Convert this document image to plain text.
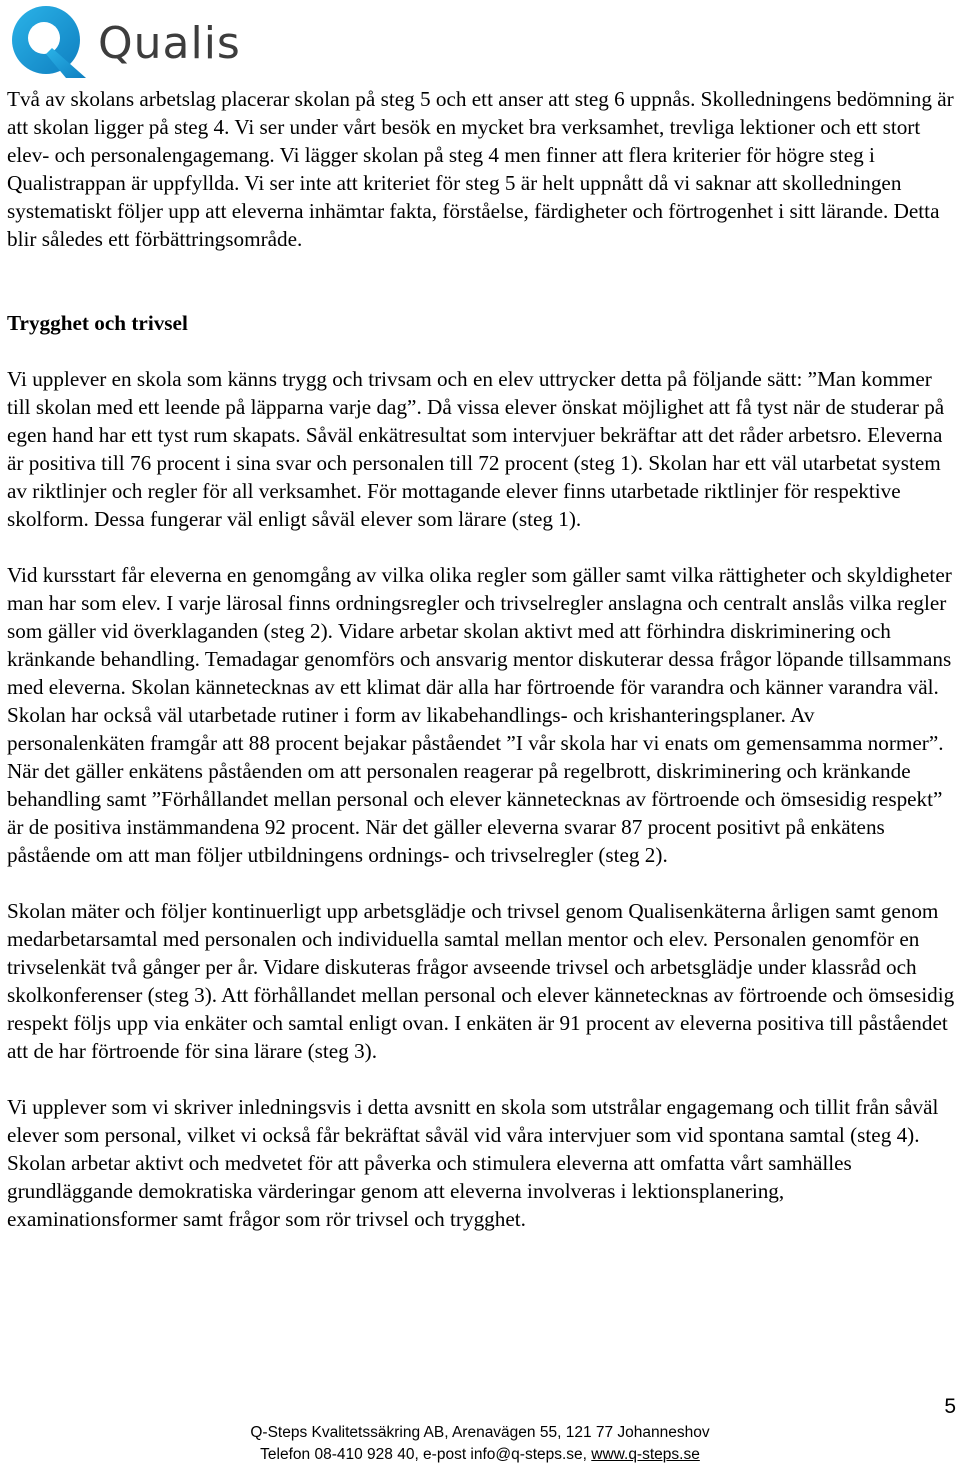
Qualis

Två av skolans arbetslag placerar skolan på steg 5 och ett anser att steg 6 uppnås. Skolledningens bedömning är att skolan ligger på steg 4. Vi ser under vårt besök en mycket bra verksamhet, trevliga lektioner och ett stort elev- och personalengagemang. Vi lägger skolan på steg 4 men finner att flera kriterier för högre steg i Qualistrappan är uppfyllda. Vi ser inte att kriteriet för steg 5 är helt uppnått då vi saknar att skolledningen systematiskt följer upp att eleverna inhämtar fakta, förståelse, färdigheter och förtrogenhet i sitt lärande. Detta blir således ett förbättringsområde.

Trygghet och trivsel

Vi upplever en skola som känns trygg och trivsam och en elev uttrycker detta på följande sätt: ”Man kommer till skolan med ett leende på läpparna varje dag”. Då vissa elever önskat möjlighet att få tyst när de studerar på egen hand har ett tyst rum skapats. Såväl enkätresultat som intervjuer bekräftar att det råder arbetsro. Eleverna är positiva till 76 procent i sina svar och personalen till 72 procent (steg 1). Skolan har ett väl utarbetat system av riktlinjer och regler för all verksamhet. För mottagande elever finns utarbetade riktlinjer för respektive skolform. Dessa fungerar väl enligt såväl elever som lärare (steg 1).

Vid kursstart får eleverna en genomgång av vilka olika regler som gäller samt vilka rättigheter och skyldigheter man har som elev. I varje lärosal finns ordningsregler och trivselregler anslagna och centralt anslås vilka regler som gäller vid överklaganden (steg 2). Vidare arbetar skolan aktivt med att förhindra diskriminering och kränkande behandling. Temadagar genomförs och ansvarig mentor diskuterar dessa frågor löpande tillsammans med eleverna. Skolan kännetecknas av ett klimat där alla har förtroende för varandra och känner varandra väl. Skolan har också väl utarbetade rutiner i form av likabehandlings- och krishanteringsplaner. Av personalenkäten framgår att 88 procent bejakar påståendet ”I vår skola har vi enats om gemensamma normer”. När det gäller enkätens påståenden om att personalen reagerar på regelbrott, diskriminering och kränkande behandling samt ”Förhållandet mellan personal och elever kännetecknas av förtroende och ömsesidig respekt” är de positiva instämmandena 92 procent. När det gäller eleverna svarar 87 procent positivt på enkätens påstående om att man följer utbildningens ordnings- och trivselregler (steg 2).

Skolan mäter och följer kontinuerligt upp arbetsglädje och trivsel genom Qualisenkäterna årligen samt genom medarbetarsamtal med personalen och individuella samtal mellan mentor och elev. Personalen genomför en trivselenkät två gånger per år. Vidare diskuteras frågor avseende trivsel och arbetsglädje under klassråd och skolkonferenser (steg 3). Att förhållandet mellan personal och elever kännetecknas av förtroende och ömsesidig respekt följs upp via enkäter och samtal enligt ovan. I enkäten är 91 procent av eleverna positiva till påståendet att de har förtroende för sina lärare (steg 3).

Vi upplever som vi skriver inledningsvis i detta avsnitt en skola som utstrålar engagemang och tillit från såväl elever som personal, vilket vi också får bekräftat såväl vid våra intervjuer som vid spontana samtal (steg 4). Skolan arbetar aktivt och medvetet för att påverka och stimulera eleverna att omfatta vårt samhälles grundläggande demokratiska värderingar genom att eleverna involveras i lektionsplanering, examinationsformer samt frågor som rör trivsel och trygghet.

5
Q-Steps Kvalitetssäkring AB, Arenavägen 55, 121 77 Johanneshov
Telefon 08-410 928 40, e-post info@q-steps.se, www.q-steps.se
